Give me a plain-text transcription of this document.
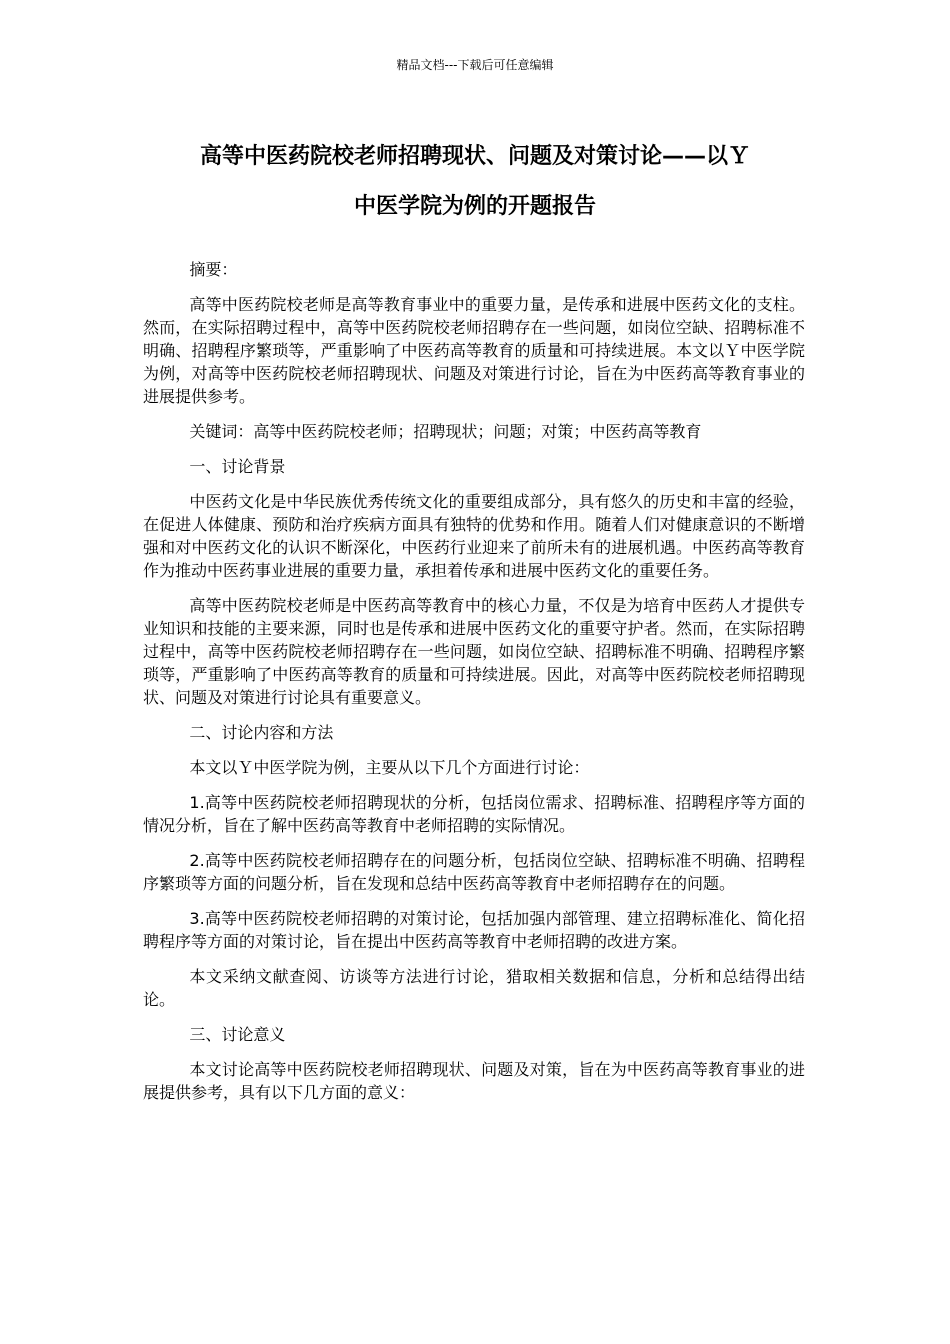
精品文档---下载后可任意编辑
高等中医药院校老师招聘现状、问题及对策讨论——以Ｙ
中医学院为例的开题报告

摘要：

高等中医药院校老师是高等教育事业中的重要力量，是传承和进展中医药文化的支柱。然而，在实际招聘过程中，高等中医药院校老师招聘存在一些问题，如岗位空缺、招聘标准不明确、招聘程序繁琐等，严重影响了中医药高等教育的质量和可持续进展。本文以Ｙ中医学院为例，对高等中医药院校老师招聘现状、问题及对策进行讨论，旨在为中医药高等教育事业的进展提供参考。

关键词：高等中医药院校老师；招聘现状；问题；对策；中医药高等教育

一、讨论背景

中医药文化是中华民族优秀传统文化的重要组成部分，具有悠久的历史和丰富的经验，在促进人体健康、预防和治疗疾病方面具有独特的优势和作用。随着人们对健康意识的不断增强和对中医药文化的认识不断深化，中医药行业迎来了前所未有的进展机遇。中医药高等教育作为推动中医药事业进展的重要力量，承担着传承和进展中医药文化的重要任务。

高等中医药院校老师是中医药高等教育中的核心力量，不仅是为培育中医药人才提供专业知识和技能的主要来源，同时也是传承和进展中医药文化的重要守护者。然而，在实际招聘过程中，高等中医药院校老师招聘存在一些问题，如岗位空缺、招聘标准不明确、招聘程序繁琐等，严重影响了中医药高等教育的质量和可持续进展。因此，对高等中医药院校老师招聘现状、问题及对策进行讨论具有重要意义。

二、讨论内容和方法

本文以Ｙ中医学院为例，主要从以下几个方面进行讨论：

1.高等中医药院校老师招聘现状的分析，包括岗位需求、招聘标准、招聘程序等方面的情况分析，旨在了解中医药高等教育中老师招聘的实际情况。

2.高等中医药院校老师招聘存在的问题分析，包括岗位空缺、招聘标准不明确、招聘程序繁琐等方面的问题分析，旨在发现和总结中医药高等教育中老师招聘存在的问题。

3.高等中医药院校老师招聘的对策讨论，包括加强内部管理、建立招聘标准化、简化招聘程序等方面的对策讨论，旨在提出中医药高等教育中老师招聘的改进方案。

本文采纳文献查阅、访谈等方法进行讨论，猎取相关数据和信息，分析和总结得出结论。

三、讨论意义

本文讨论高等中医药院校老师招聘现状、问题及对策，旨在为中医药高等教育事业的进展提供参考，具有以下几方面的意义：
